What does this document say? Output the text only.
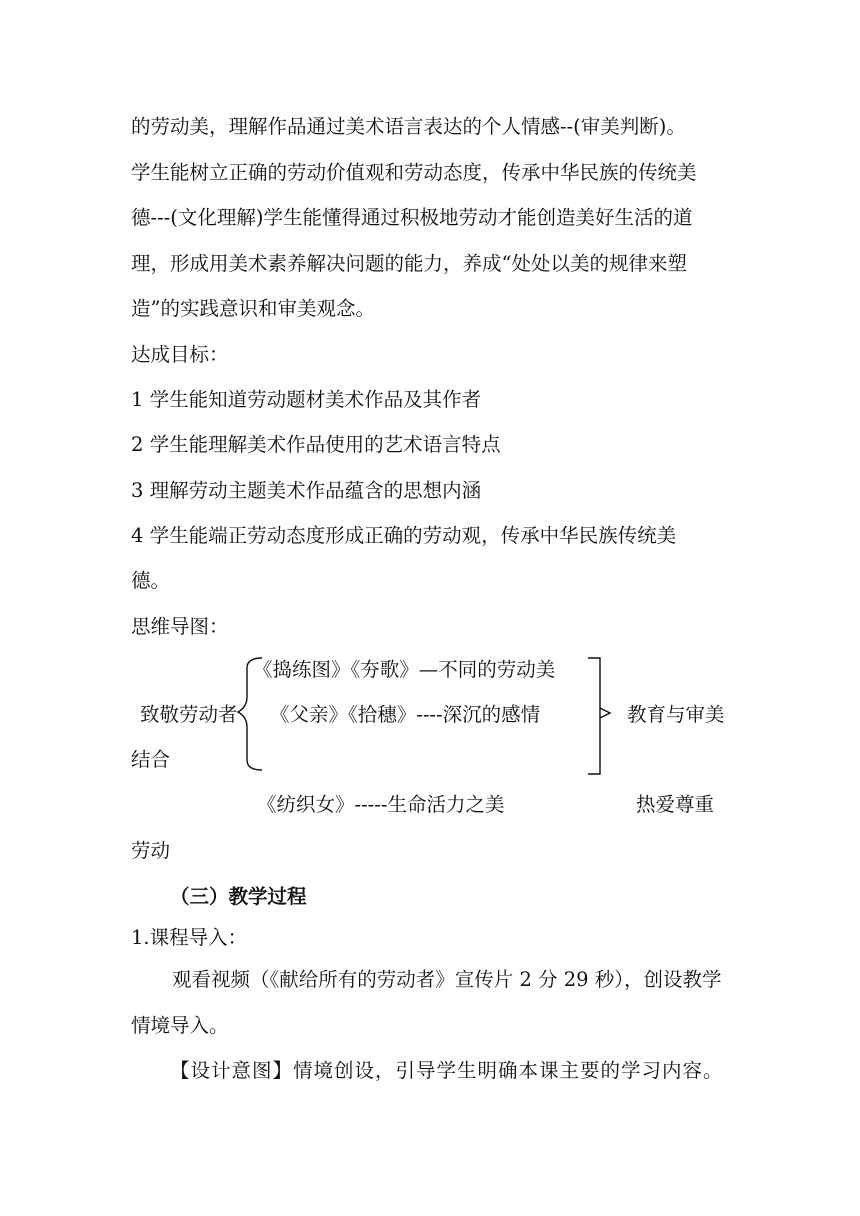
的劳动美，理解作品通过美术语言表达的个人情感--(审美判断)。

学生能树立正确的劳动价值观和劳动态度，传承中华民族的传统美

德---(文化理解)学生能懂得通过积极地劳动才能创造美好生活的道

理，形成用美术素养解决问题的能力，养成“处处以美的规律来塑

造”的实践意识和审美观念。

达成目标：

1 学生能知道劳动题材美术作品及其作者

2 学生能理解美术作品使用的艺术语言特点

3 理解劳动主题美术作品蕴含的思想内涵

4 学生能端正劳动态度形成正确的劳动观，传承中华民族传统美

德。

思维导图：

《捣练图》《夯歌》—不同的劳动美

致敬劳动者 《父亲》《拾穗》----深沉的感情	教育与审美

结合

《纺织女》-----生命活力之美	热爱尊重

劳动

（三）教学过程

1.课程导入：

观看视频（《献给所有的劳动者》宣传片 2 分 29 秒），创设教学

情境导入。

【设计意图】情境创设，引导学生明确本课主要的学习内容。
